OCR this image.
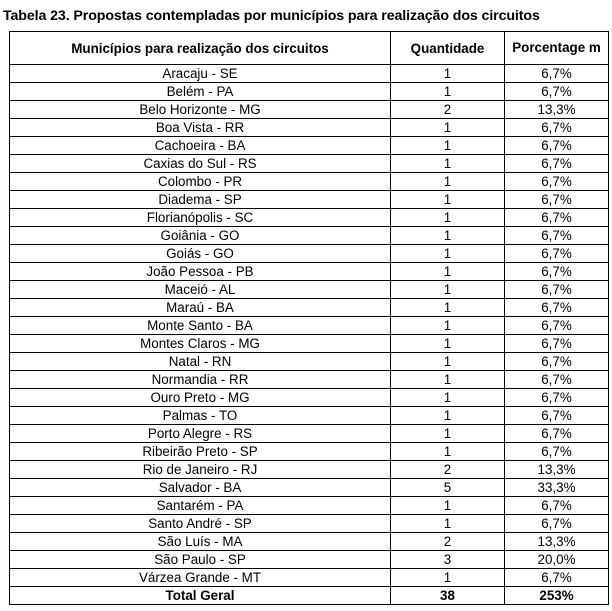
Tabela 23. Propostas contempladas por municípios para realização dos circuitos
Municípios para realização dos circuitos	Quantidade	Porcentage m
Aracaju - SE	1	6,7%
Belém - PA	1	6,7%
Belo Horizonte - MG	2	13,3%
Boa Vista - RR	1	6,7%
Cachoeira - BA	1	6,7%
Caxias do Sul - RS	1	6,7%
Colombo - PR	1	6,7%
Diadema - SP	1	6,7%
Florianópolis - SC	1	6,7%
Goiânia - GO	1	6,7%
Goiás - GO	1	6,7%
João Pessoa - PB	1	6,7%
Maceió - AL	1	6,7%
Maraú - BA	1	6,7%
Monte Santo - BA	1	6,7%
Montes Claros - MG	1	6,7%
Natal - RN	1	6,7%
Normandia - RR	1	6,7%
Ouro Preto - MG	1	6,7%
Palmas - TO	1	6,7%
Porto Alegre - RS	1	6,7%
Ribeirão Preto - SP	1	6,7%
Rio de Janeiro - RJ	2	13,3%
Salvador - BA	5	33,3%
Santarém - PA	1	6,7%
Santo André - SP	1	6,7%
São Luís - MA	2	13,3%
São Paulo - SP	3	20,0%
Várzea Grande - MT	1	6,7%
Total Geral	38	253%
